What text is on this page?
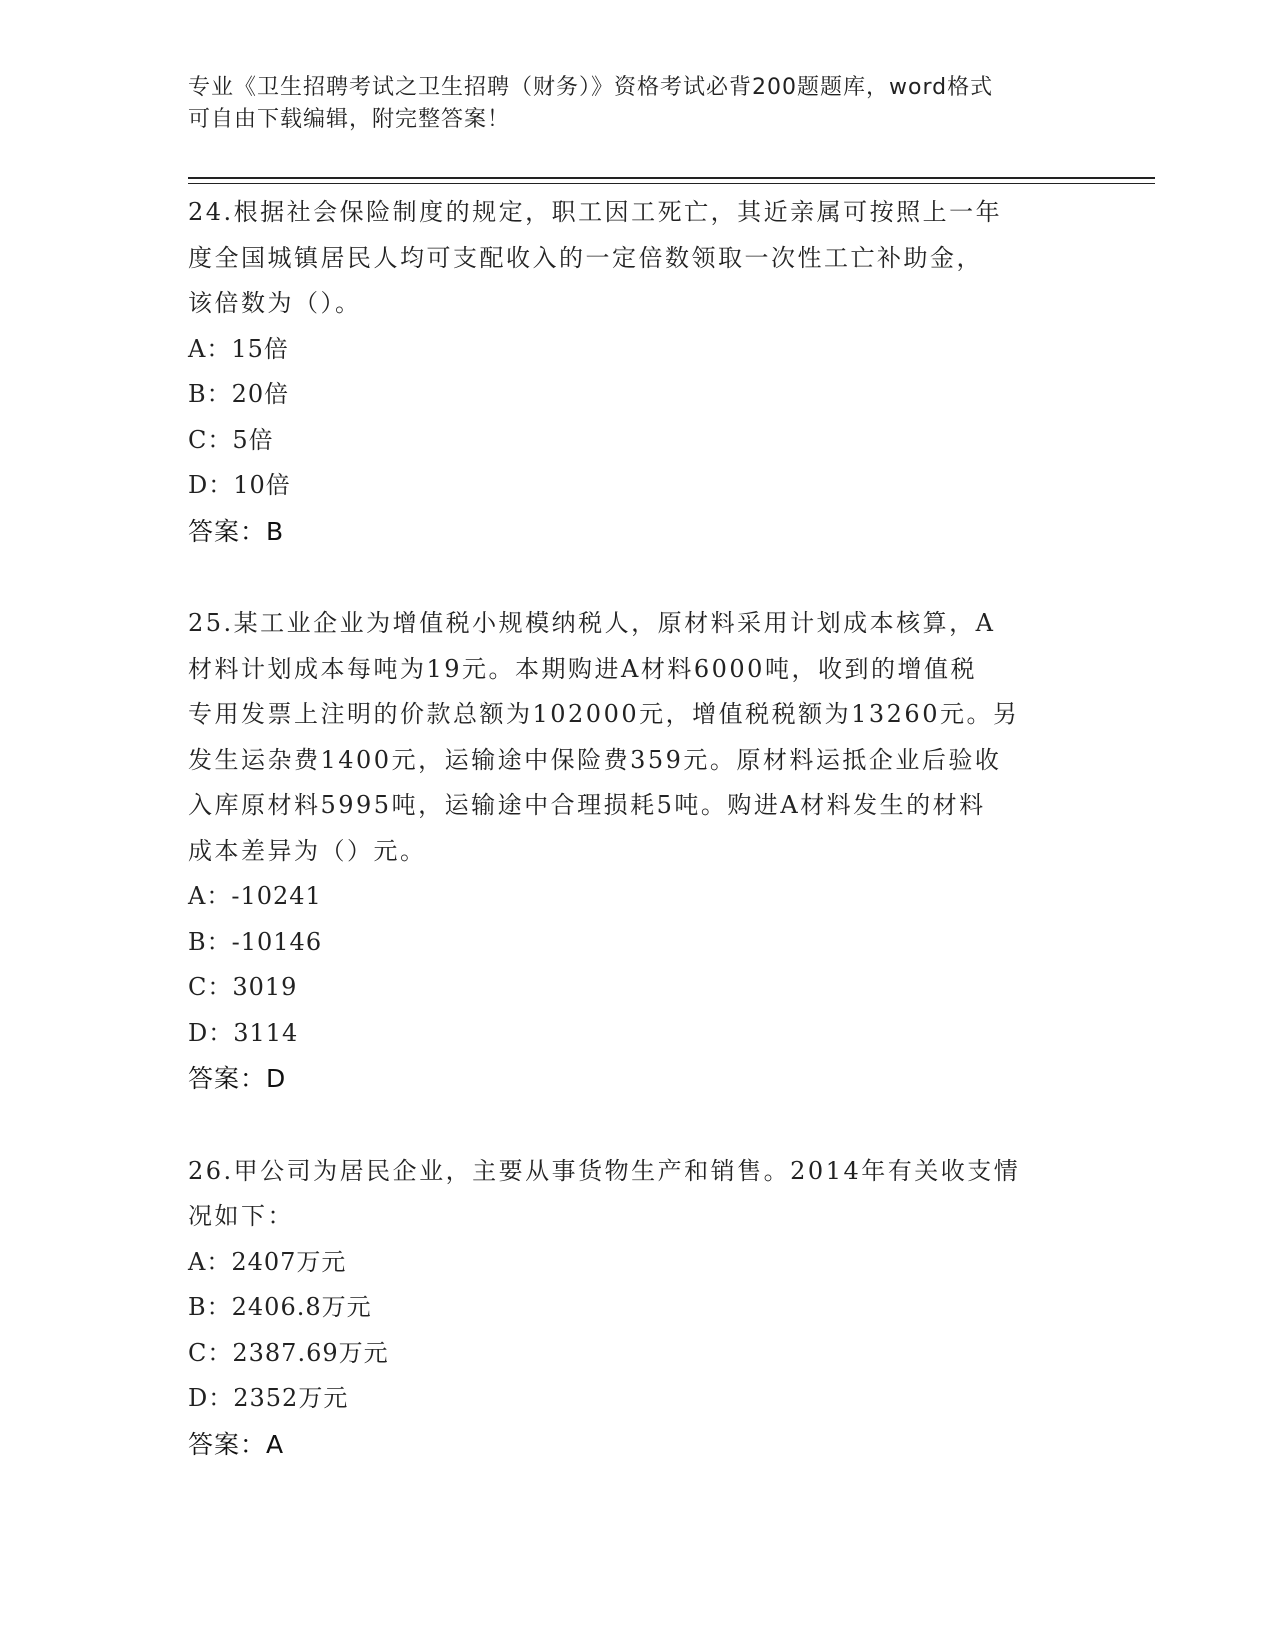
专业《卫生招聘考试之卫生招聘（财务）》资格考试必背200题题库，word格式
可自由下载编辑，附完整答案！

24.根据社会保险制度的规定，职工因工死亡，其近亲属可按照上一年

度全国城镇居民人均可支配收入的一定倍数领取一次性工亡补助金，

该倍数为（）。

A：15倍

B：20倍

C：5倍

D：10倍

答案：B

25.某工业企业为增值税小规模纳税人，原材料采用计划成本核算，A

材料计划成本每吨为19元。本期购进A材料6000吨，收到的增值税

专用发票上注明的价款总额为102000元，增值税税额为13260元。另

发生运杂费1400元，运输途中保险费359元。原材料运抵企业后验收

入库原材料5995吨，运输途中合理损耗5吨。购进A材料发生的材料

成本差异为（）元。

A：-10241

B：-10146

C：3019

D：3114

答案：D

26.甲公司为居民企业，主要从事货物生产和销售。2014年有关收支情

况如下：

A：2407万元

B：2406.8万元

C：2387.69万元

D：2352万元

答案：A
